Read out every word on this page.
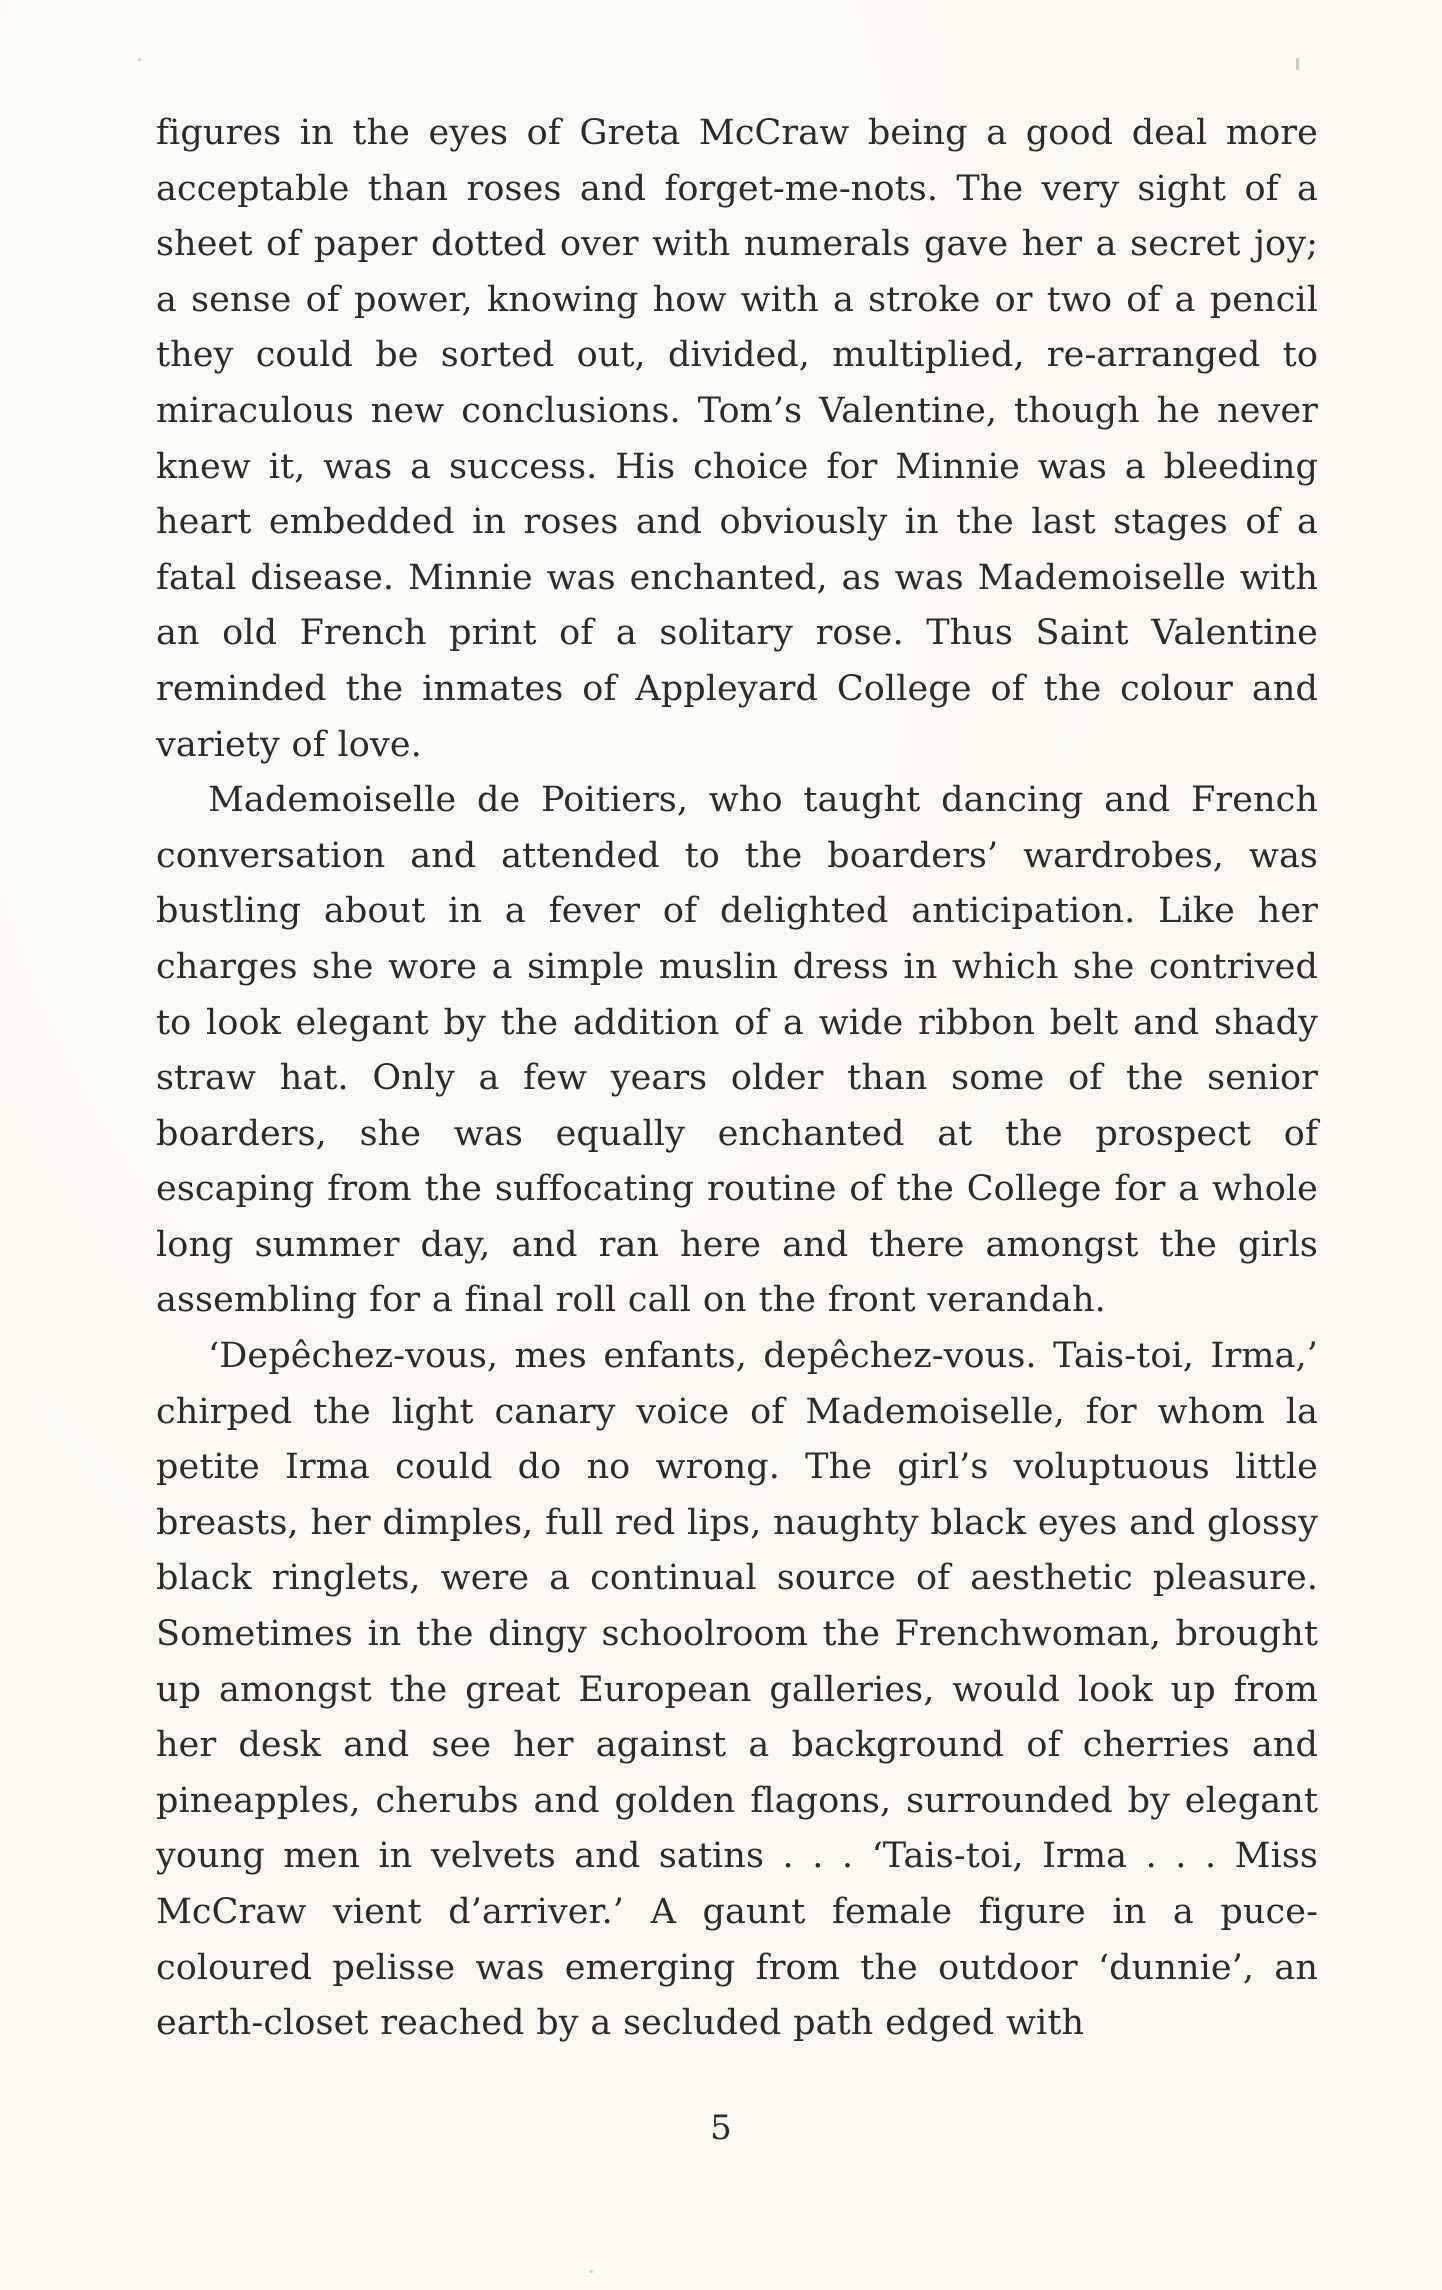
figures in the eyes of Greta McCraw being a good deal more acceptable than roses and forget-me-nots. The very sight of a sheet of paper dotted over with numerals gave her a secret joy; a sense of power, knowing how with a stroke or two of a pencil they could be sorted out, divided, multiplied, re-arranged to miraculous new conclusions. Tom’s Valentine, though he never knew it, was a success. His choice for Minnie was a bleeding heart embedded in roses and obviously in the last stages of a fatal disease. Minnie was enchanted, as was Mademoiselle with an old French print of a solitary rose. Thus Saint Valentine reminded the inmates of Appleyard College of the colour and variety of love.

Mademoiselle de Poitiers, who taught dancing and French conversation and attended to the boarders’ wardrobes, was bustling about in a fever of delighted anticipation. Like her charges she wore a simple muslin dress in which she contrived to look elegant by the addition of a wide ribbon belt and shady straw hat. Only a few years older than some of the senior boarders, she was equally enchanted at the prospect of escaping from the suffocating routine of the College for a whole long summer day, and ran here and there amongst the girls assembling for a final roll call on the front verandah.

‘Depêchez-vous, mes enfants, depêchez-vous. Tais-toi, Irma,’ chirped the light canary voice of Mademoiselle, for whom la petite Irma could do no wrong. The girl’s voluptuous little breasts, her dimples, full red lips, naughty black eyes and glossy black ringlets, were a continual source of aesthetic pleasure. Sometimes in the dingy schoolroom the Frenchwoman, brought up amongst the great European galleries, would look up from her desk and see her against a background of cherries and pineapples, cherubs and golden flagons, surrounded by elegant young men in velvets and satins . . . ‘Tais-toi, Irma . . . Miss McCraw vient d’arriver.’ A gaunt female figure in a puce-coloured pelisse was emerging from the outdoor ‘dunnie’, an earth-closet reached by a secluded path edged with

5
